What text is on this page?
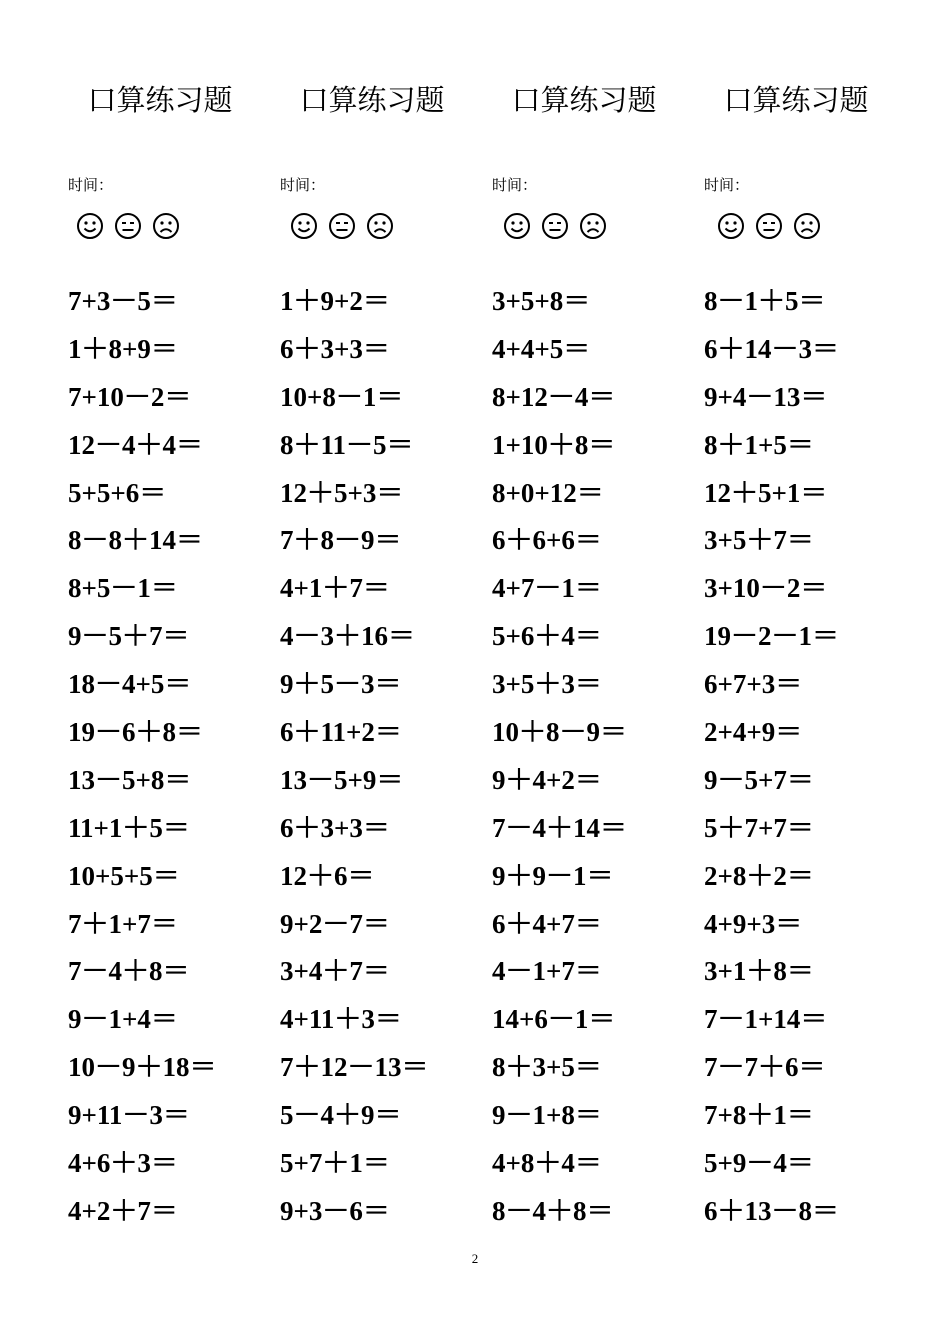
口算练习题
时间：
7+3－5＝
1＋8+9＝
7+10－2＝
12－4＋4＝
5+5+6＝
8－8＋14＝
8+5－1＝
9－5＋7＝
18－4+5＝
19－6＋8＝
13－5+8＝
11+1＋5＝
10+5+5＝
7＋1+7＝
7－4＋8＝
9－1+4＝
10－9＋18＝
9+11－3＝
4+6＋3＝
4+2＋7＝
口算练习题
时间：
1＋9+2＝
6＋3+3＝
10+8－1＝
8＋11－5＝
12＋5+3＝
7＋8－9＝
4+1＋7＝
4－3＋16＝
9＋5－3＝
6＋11+2＝
13－5+9＝
6＋3+3＝
12＋6＝
9+2－7＝
3+4＋7＝
4+11＋3＝
7＋12－13＝
5－4＋9＝
5+7＋1＝
9+3－6＝
口算练习题
时间：
3+5+8＝
4+4+5＝
8+12－4＝
1+10＋8＝
8+0+12＝
6＋6+6＝
4+7－1＝
5+6＋4＝
3+5＋3＝
10＋8－9＝
9＋4+2＝
7－4＋14＝
9＋9－1＝
6＋4+7＝
4－1+7＝
14+6－1＝
8＋3+5＝
9－1+8＝
4+8＋4＝
8－4＋8＝
口算练习题
时间：
8－1＋5＝
6＋14－3＝
9+4－13＝
8＋1+5＝
12＋5+1＝
3+5＋7＝
3+10－2＝
19－2－1＝
6+7+3＝
2+4+9＝
9－5+7＝
5＋7+7＝
2+8＋2＝
4+9+3＝
3+1＋8＝
7－1+14＝
7－7＋6＝
7+8＋1＝
5+9－4＝
6＋13－8＝
2
